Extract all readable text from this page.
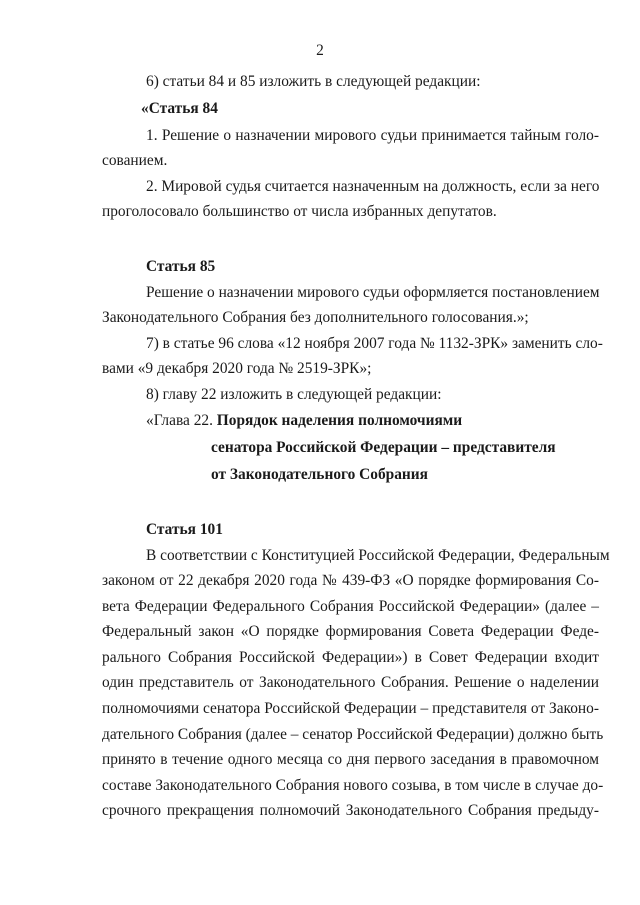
2
6) статьи 84 и 85 изложить в следующей редакции:
«Статья 84
1. Решение о назначении мирового судьи принимается тайным голо-
сованием.
2. Мировой судья считается назначенным на должность, если за него
проголосовало большинство от числа избранных депутатов.
Статья 85
Решение о назначении мирового судьи оформляется постановлением
Законодательного Собрания без дополнительного голосования.»;
7) в статье 96 слова «12 ноября 2007 года № 1132-ЗРК» заменить сло-
вами «9 декабря 2020 года № 2519-ЗРК»;
8) главу 22 изложить в следующей редакции:
«Глава 22. Порядок наделения полномочиями
сенатора Российской Федерации – представителя
от Законодательного Собрания
Статья 101
В соответствии с Конституцией Российской Федерации, Федеральным
законом от 22 декабря 2020 года № 439-ФЗ «О порядке формирования Со-
вета Федерации Федерального Собрания Российской Федерации» (далее –
Федеральный закон «О порядке формирования Совета Федерации Феде-
рального Собрания Российской Федерации») в Совет Федерации входит
один представитель от Законодательного Собрания. Решение о наделении
полномочиями сенатора Российской Федерации – представителя от Законо-
дательного Собрания (далее – сенатор Российской Федерации) должно быть
принято в течение одного месяца со дня первого заседания в правомочном
составе Законодательного Собрания нового созыва, в том числе в случае до-
срочного прекращения полномочий Законодательного Собрания предыду-
